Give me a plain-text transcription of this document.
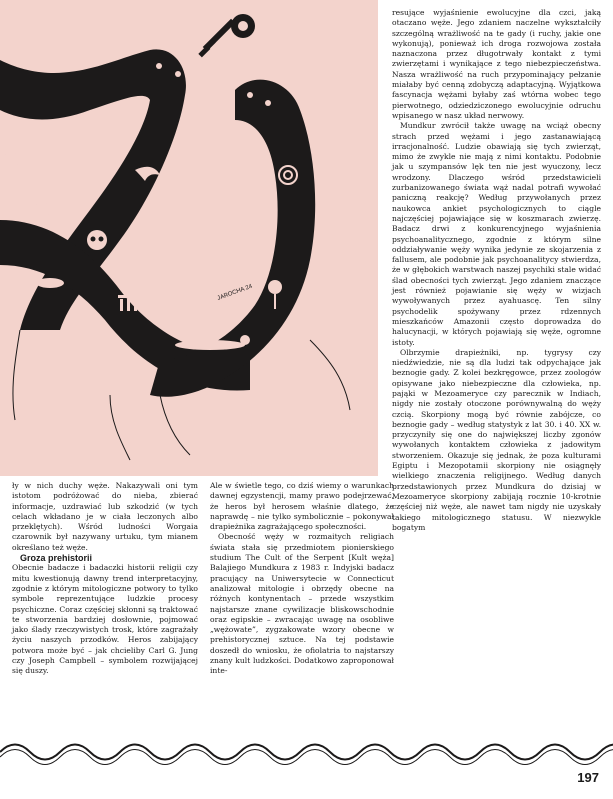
JAROCHA 24

resujące wyjaśnienie ewolucyjne dla czci, jaką otaczano węże. Jego zdaniem naczelne wykształciły szczególną wrażliwość na te gady (i ruchy, jakie one wykonują), ponieważ ich droga rozwojowa została naznaczona przez długotrwały kontakt z tymi zwierzętami i wynikające z tego niebezpieczeństwa. Nasza wrażliwość na ruch przypominający pełzanie miałaby być cenną zdobyczą adaptacyjną. Wyjątkowa fascynacja wężami byłaby zaś wtórna wobec tego pierwotnego, odziedziczonego ewolucyjnie odruchu wpisanego w nasz układ nerwowy.

Mundkur zwrócił także uwagę na wciąż obecny strach przed wężami i jego zastanawiającą irracjonalność. Ludzie obawiają się tych zwierząt, mimo że zwykle nie mają z nimi kontaktu. Podobnie jak u szympansów lęk ten nie jest wyuczony, lecz wrodzony. Dlaczego wśród przedstawicieli zurbanizowanego świata wąż nadal potrafi wywołać paniczną reakcję? Według przywołanych przez naukowca ankiet psychologicznych to ciągle najczęściej pojawiające się w koszmarach zwierzę. Badacz drwi z konkurencyjnego wyjaśnienia psychoanalitycznego, zgodnie z którym silne oddziaływanie węży wynika jedynie ze skojarzenia z fallusem, ale podobnie jak psychoanalitycy stwierdza, że w głębokich warstwach naszej psychiki stale widać ślad obecności tych zwierząt. Jego zdaniem znaczące jest również pojawianie się węży w wizjach wywoływanych przez ayahuascę. Ten silny psychodelik spożywany przez rdzennych mieszkańców Amazonii często doprowadza do halucynacji, w których pojawiają się węże, ogromne istoty.

Olbrzymie drapieżniki, np. tygrysy czy niedźwiedzie, nie są dla ludzi tak odpychające jak beznogie gady. Z kolei bezkręgowce, przez zoologów opisywane jako niebezpieczne dla człowieka, np. pająki w Mezoameryce czy parecznik w Indiach, nigdy nie zostały otoczone porównywalną do węży czcią. Skorpiony mogą być równie zabójcze, co beznogie gady – według statystyk z lat 30. i 40. XX w. przyczyniły się one do największej liczby zgonów wywołanych kontaktem człowieka z jadowitym stworzeniem. Okazuje się jednak, że poza kulturami Egiptu i Mezopotamii skorpiony nie osiągnęły wielkiego znaczenia religijnego. Według danych przedstawionych przez Mundkura do dzisiaj w Mezoameryce skorpiony zabijają rocznie 10-krotnie częściej niż węże, ale nawet tam nigdy nie uzyskały takiego mitologicznego statusu. W niezwykle bogatym

ły w nich duchy węże. Nakazywali oni tym istotom podróżować do nieba, zbierać informacje, uzdrawiać lub szkodzić (w tych celach wkładano je w ciała leczonych albo przeklętych). Wśród ludności Worgaia czarownik był nazywany urtuku, tym mianem określano też węże.

Groza prehistorii

Obecnie badacze i badaczki historii religii czy mitu kwestionują dawny trend interpretacyjny, zgodnie z którym mitologiczne potwory to tylko symbole reprezentujące ludzkie procesy psychiczne. Coraz częściej skłonni są traktować te stworzenia bardziej dosłownie, pojmować jako ślady rzeczywistych trosk, które zagrażały życiu naszych przodków. Heros zabijający potwora może być – jak chcieliby Carl G. Jung czy Joseph Campbell – symbolem rozwijającej się duszy.

Ale w świetle tego, co dziś wiemy o warunkach dawnej egzystencji, mamy prawo podejrzewać, że heros był herosem właśnie dlatego, że naprawdę – nie tylko symbolicznie – pokonywał drapieżnika zagrażającego społeczności.

Obecność węży w rozmaitych religiach świata stała się przedmiotem pionierskiego studium The Cult of the Serpent [Kult węża] Balajiego Mundkura z 1983 r. Indyjski badacz pracujący na Uniwersytecie w Connecticut analizował mitologie i obrzędy obecne na różnych kontynentach – przede wszystkim najstarsze znane cywilizacje bliskowschodnie oraz egipskie – zwracając uwagę na osobliwe „wężowate”, zygzakowate wzory obecne w prehistorycznej sztuce. Na tej podstawie doszedł do wniosku, że ofiolatria to najstarszy znany kult ludzkości. Dodatkowo zaproponował inte-

197
